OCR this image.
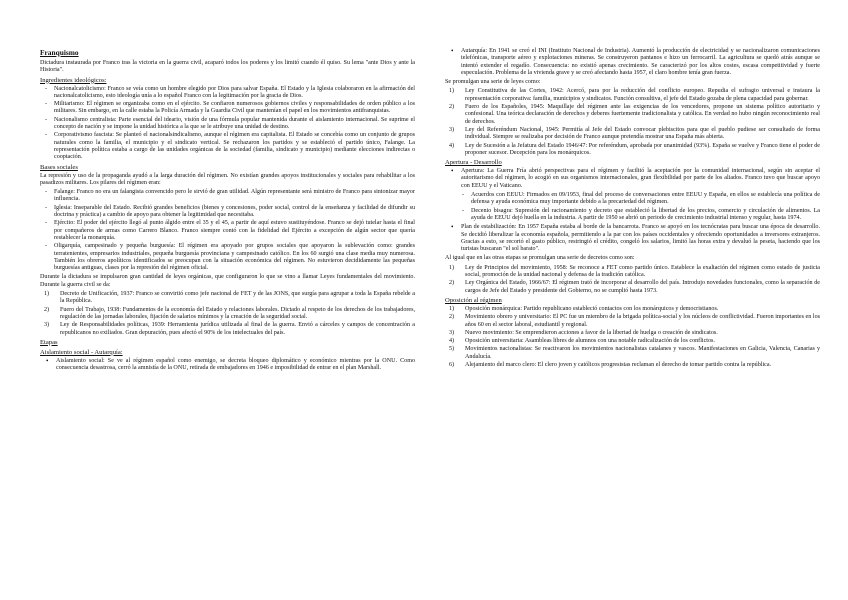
Franquismo

Dictadura instaurada por Franco tras la victoria en la guerra civil, acaparó todos los poderes y los limitó cuando él quiso. Su lema "ante Dios y ante la Historia".

Ingredientes ideológicos:
- Nacionalcatolicismo: Franco se veía como un hombre elegido por Dios para salvar España. El Estado y la Iglesia colaboraron en la afirmación del nacionalcatolicismo, esto ideología unía a lo español Franco con la legitimación por la gracia de Dios.
- Militarismo: El régimen se organizaba como en el ejército. Se confiaron numerosos gobiernos civiles y responsabilidades de orden público a los militares. Sin embargo, en la calle estaba la Policía Armada y la Guardia Civil que mantenían el papel en los movimientos antifranquistas.
- Nacionalismo centralista: Parte esencial del ideario, visión de una fórmula popular mantenida durante el aislamiento internacional. Se suprime el concepto de nación y se impone la unidad histórica a la que se le atribuye una unidad de destino.
- Corporativismo fascista: Se planteó el nacionalsindicalismo, aunque el régimen era capitalista. El Estado se concebía como un conjunto de grupos naturales como la familia, el municipio y el sindicato vertical. Se rechazaron los partidos y se estableció el partido único, Falange. La representación política estaba a cargo de las unidades orgánicas de la sociedad (familia, sindicato y municipio) mediante elecciones indirectas o cooptación.
Bases sociales

La represión y uso de la propaganda ayudó a la larga duración del régimen. No existían grandes apoyos institucionales y sociales para rehabilitar a los pasadizos militares. Los pilares del régimen eran:

- Falange: Franco no era un falangista convencido pero le sirvió de gran utilidad. Algún representante será ministro de Franco para sintonizar mayor influencia.
- Iglesia: Inseparable del Estado. Recibió grandes beneficios (bienes y concesiones, poder social, control de la enseñanza y facilidad de difundir su doctrina y práctica) a cambio de apoyo para obtener la legitimidad que necesitaba.
- Ejército: El poder del ejército llegó al punto álgido entre el 35 y el 45, a partir de aquí estuvo sustituyéndose. Franco se dejó tutelar hasta el final por compañeros de armas como Carrero Blanco. Franco siempre contó con la fidelidad del Ejército a excepción de algún sector que quería restablecer la monarquía.
- Oligarquía, campesinado y pequeña burguesía: El régimen era apoyado por grupos sociales que apoyaron la sublevación como: grandes terratenientes, empresarios industriales, pequeña burguesía provinciana y campesinado católico. En los 60 surgió una clase media muy numerosa. También los obreros apolíticos identificados se preocupan con la situación económica del régimen. No estuvieron decididamente las pequeñas burguesías antiguas, clases por la represión del régimen oficial.

Durante la dictadura se impulsaron gran cantidad de leyes orgánicas, que configuraron lo que se vino a llamar Leyes fundamentales del movimiento. Durante la guerra civil se da:

1) Decreto de Unificación, 1937: Franco se convirtió como jefe nacional de FET y de las JONS, que surgía para agrupar a toda la España rebelde a la República.
2) Fuero del Trabajo, 1938: Fundamentos de la economía del Estado y relaciones laborales. Dictado al respeto de los derechos de los trabajadores, regulación de las jornadas laborales, fijación de salarios mínimos y la creación de la seguridad social.
3) Ley de Responsabilidades políticas, 1939: Herramienta jurídica utilizada al final de la guerra. Envió a cárceles y campos de concentración a republicanos no exiliados. Gran depuración, pues afectó el 90% de los intelectuales del país.
Etapas
Aislamiento social - Autarquía:
• Aislamiento social: Se ve al régimen español como enemigo, se decreta bloqueo diplomático y económico mientras por la ONU. Como consecuencia desastrosa, cerró la amnistía de la ONU, retirada de embajadores en 1946 e imposibilidad de entrar en el plan Marshall.
• Autarquía: En 1941 se creó el INI (Instituto Nacional de Industria). Aumentó la producción de electricidad y se nacionalizaron comunicaciones telefónicas, transporte aéreo y explotaciones mineras. Se construyeron pantanos e hizo un ferrocarril. La agricultura se quedó atrás aunque se intentó extender el regadío. Consecuencia: no existió apenas crecimiento. Se caracterizó por los altos costes, escasa competitividad y fuerte especulación. Problema de la vivienda grave y se creó afectando hasta 1957, el claro hombre tenía gran fuerza.

Se promulgan una serie de leyes como:

1) Ley Constitutiva de las Cortes, 1942: Acercó, para por la reducción del conflicto europeo. Repudia el sufragio universal e instaura la representación corporativa: familia, municipios y sindicatos. Función consultiva, el jefe del Estado gozaba de plena capacidad para gobernar.
2) Fuero de los Españoles, 1945: Maquillaje del régimen ante las exigencias de los vencedores, propone un sistema político autoritario y confesional. Una teórica declaración de derechos y deberes fuertemente tradicionalista y católica. En verdad no hubo ningún reconocimiento real de derechos.
3) Ley del Referéndum Nacional, 1945: Permitía al Jefe del Estado convocar plebiscitos para que el pueblo pudiese ser consultado de forma individual. Siempre se realizaba por decisión de Franco aunque pretendía mostrar una España más abierta.
4) Ley de Sucesión a la Jefatura del Estado 1946/47: Por referéndum, aprobada por unanimidad (93%). España se vuelve y Franco tiene el poder de proponer sucesor. Decepción para los monárquicos.
Apertura - Desarrollo
• Apertura: La Guerra Fría abrió perspectivas para el régimen y facilitó la aceptación por la comunidad internacional, según sin aceptar el autoritarismo del régimen, lo acogió en sus organismos internacionales, gran flexibilidad por parte de los aliados. Franco tuvo que buscar apoyo con EEUU y el Vaticano.
- Acuerdos con EEUU: Firmados en 09/1953, final del proceso de conversaciones entre EEUU y España, en ellos se establecía una política de defensa y ayuda económica muy importante debido a la precariedad del régimen.
- Decenio bisagra: Supresión del racionamiento y decreto que estableció la libertad de los precios, comercio y circulación de alimentos. La ayuda de EEUU dejó huella en la industria. A partir de 1950 se abrió un periodo de crecimiento industrial intenso y regular, hasta 1974.
• Plan de estabilización: En 1957 España estaba al borde de la bancarrota. Franco se apoyó en los tecnócratas para buscar una época de desarrollo. Se decidió liberalizar la economía española, permitiendo a la par con los países occidentales y ofreciendo oportunidades a inversores extranjeros. Gracias a esto, se recortó el gasto público, restringió el crédito, congeló los salarios, limitó las horas extra y devaluó la peseta, haciendo que los turistas buscaran "el sol barato".

Al igual que en las otras etapas se promulgan una serie de decretos como son:

1) Ley de Principios del movimiento, 1958: Se reconoce a FET como partido único. Establece la exaltación del régimen como estado de justicia social, promoción de la unidad nacional y defensa de la tradición católica.
2) Ley Orgánica del Estado, 1966/67: El régimen trató de incorporar al desarrollo del país. Introdujo novedades funcionales, como la separación de cargos de Jefe del Estado y presidente del Gobierno, no se cumplió hasta 1973.
Oposición al régimen
1) Oposición monárquica: Partido republicano estableció contactos con los monárquicos y democristianos.
2) Movimiento obrero y universitario: El PC fue un miembro de la brigada política-social y los núcleos de conflictividad. Fueron importantes en los años 60 en el sector laboral, estudiantil y regional.
3) Nuevo movimiento: Se emprendieron acciones a favor de la libertad de huelga o creación de sindicatos.
4) Oposición universitaria: Asambleas libres de alumnos con una notable radicalización de los conflictos.
5) Movimientos nacionalistas: Se reactivaron los movimientos nacionalistas catalanes y vascos. Manifestaciones en Galicia, Valencia, Canarias y Andalucía.
6) Alejamiento del marco clero: El clero joven y católicos progresistas reclaman el derecho de tomar partido contra la república.
